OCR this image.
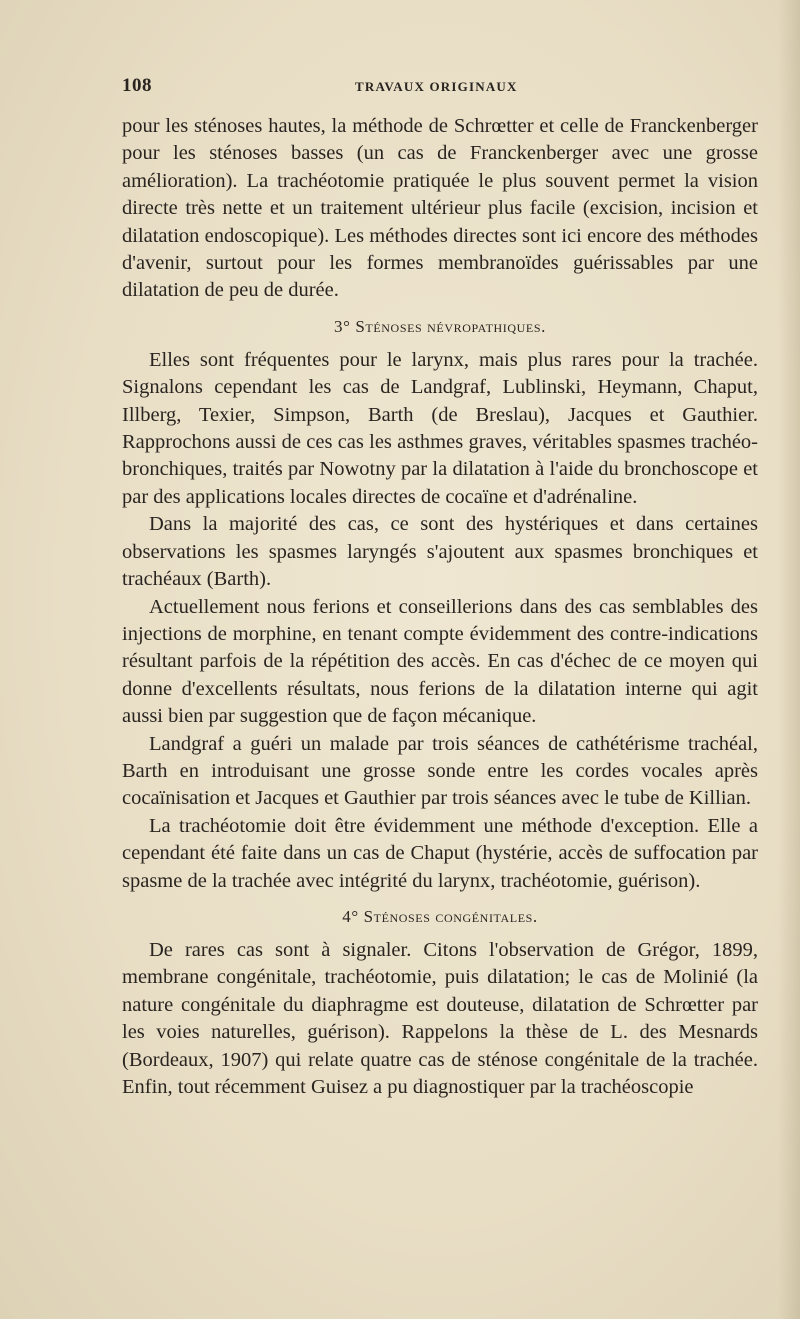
108	TRAVAUX ORIGINAUX

pour les sténoses hautes, la méthode de Schrœtter et celle de Franckenberger pour les sténoses basses (un cas de Franckenberger avec une grosse amélioration). La trachéotomie pratiquée le plus souvent permet la vision directe très nette et un traitement ultérieur plus facile (excision, incision et dilatation endoscopique). Les méthodes directes sont ici encore des méthodes d'avenir, surtout pour les formes membranoïdes guérissables par une dilatation de peu de durée.

3° Sténoses névropathiques.

Elles sont fréquentes pour le larynx, mais plus rares pour la trachée. Signalons cependant les cas de Landgraf, Lublinski, Heymann, Chaput, Illberg, Texier, Simpson, Barth (de Breslau), Jacques et Gauthier. Rapprochons aussi de ces cas les asthmes graves, véritables spasmes trachéo-bronchiques, traités par Nowotny par la dilatation à l'aide du bronchoscope et par des applications locales directes de cocaïne et d'adrénaline.

Dans la majorité des cas, ce sont des hystériques et dans certaines observations les spasmes laryngés s'ajoutent aux spasmes bronchiques et trachéaux (Barth).

Actuellement nous ferions et conseillerions dans des cas semblables des injections de morphine, en tenant compte évidemment des contre-indications résultant parfois de la répétition des accès. En cas d'échec de ce moyen qui donne d'excellents résultats, nous ferions de la dilatation interne qui agit aussi bien par suggestion que de façon mécanique.

Landgraf a guéri un malade par trois séances de cathétérisme trachéal, Barth en introduisant une grosse sonde entre les cordes vocales après cocaïnisation et Jacques et Gauthier par trois séances avec le tube de Killian.

La trachéotomie doit être évidemment une méthode d'exception. Elle a cependant été faite dans un cas de Chaput (hystérie, accès de suffocation par spasme de la trachée avec intégrité du larynx, trachéotomie, guérison).

4° Sténoses congénitales.

De rares cas sont à signaler. Citons l'observation de Grégor, 1899, membrane congénitale, trachéotomie, puis dilatation; le cas de Molinié (la nature congénitale du diaphragme est douteuse, dilatation de Schrœtter par les voies naturelles, guérison). Rappelons la thèse de L. des Mesnards (Bordeaux, 1907) qui relate quatre cas de sténose congénitale de la trachée. Enfin, tout récemment Guisez a pu diagnostiquer par la trachéoscopie
